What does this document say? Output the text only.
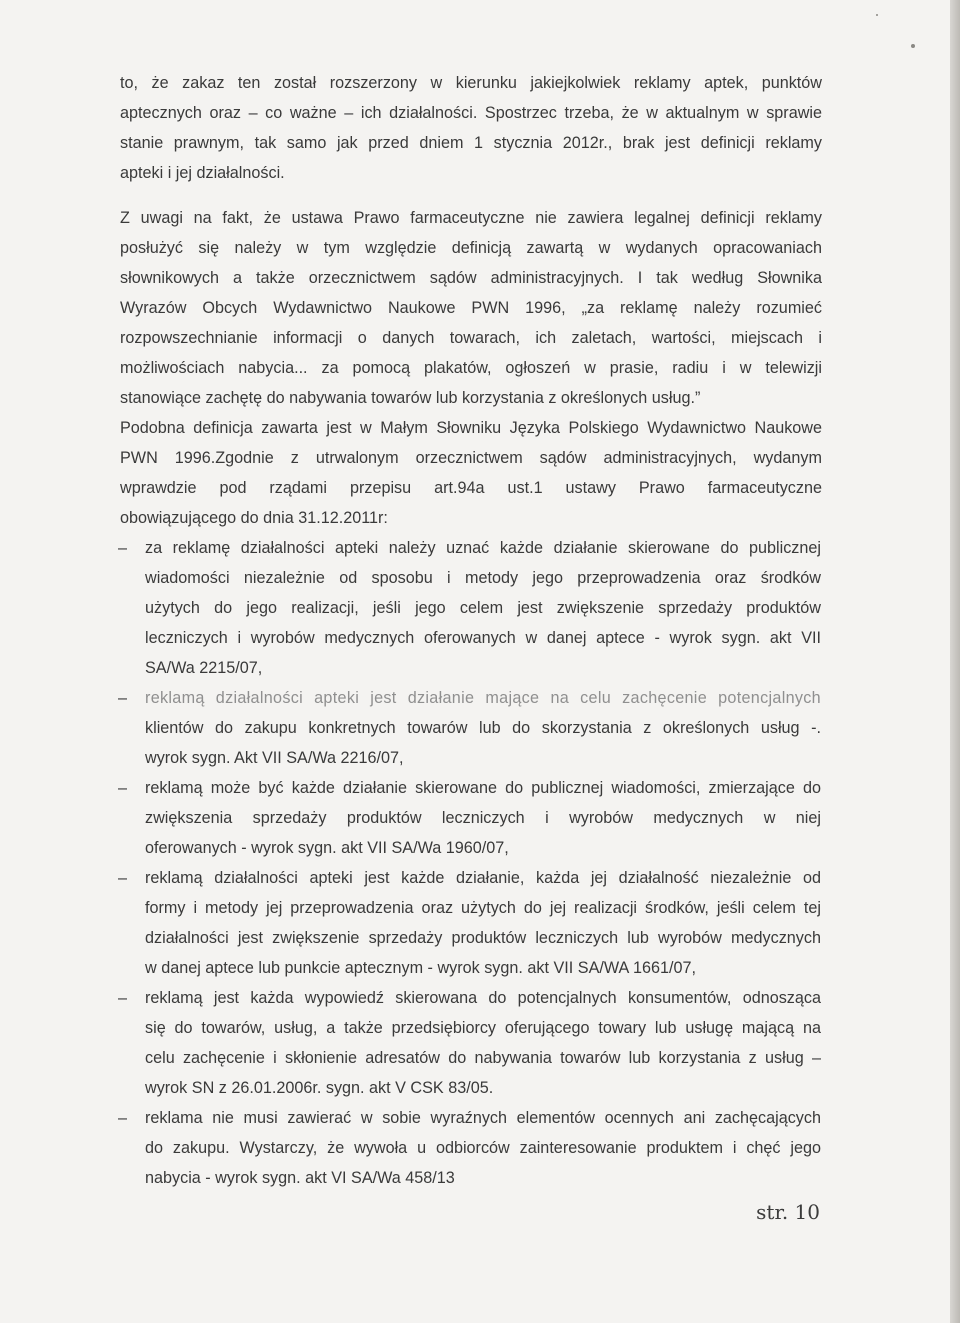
to, że zakaz ten został rozszerzony w kierunku jakiejkolwiek reklamy aptek, punktów
aptecznych oraz – co ważne – ich działalności. Spostrzec trzeba, że w aktualnym w sprawie
stanie prawnym, tak samo jak przed dniem 1 stycznia 2012r., brak jest definicji reklamy
apteki i jej działalności.
Z uwagi na fakt, że ustawa Prawo farmaceutyczne nie zawiera legalnej definicji reklamy
posłużyć się należy w tym względzie definicją zawartą w wydanych opracowaniach
słownikowych a także orzecznictwem sądów administracyjnych. I tak według Słownika
Wyrazów Obcych Wydawnictwo Naukowe PWN 1996, „za reklamę należy rozumieć
rozpowszechnianie informacji o danych towarach, ich zaletach, wartości, miejscach i
możliwościach nabycia... za pomocą plakatów, ogłoszeń w prasie, radiu i w telewizji
stanowiące zachętę do nabywania towarów lub korzystania z określonych usług.”
Podobna definicja zawarta jest w Małym Słowniku Języka Polskiego Wydawnictwo Naukowe
PWN 1996.Zgodnie z utrwalonym orzecznictwem sądów administracyjnych, wydanym
wprawdzie pod rządami przepisu art.94a ust.1 ustawy Prawo farmaceutyczne
obowiązującego do dnia 31.12.2011r:
– za reklamę działalności apteki należy uznać każde działanie skierowane do publicznej
wiadomości niezależnie od sposobu i metody jego przeprowadzenia oraz środków
użytych do jego realizacji, jeśli jego celem jest zwiększenie sprzedaży produktów
leczniczych i wyrobów medycznych oferowanych w danej aptece - wyrok sygn. akt VII
SA/Wa 2215/07,
– reklamą działalności apteki jest działanie mające na celu zachęcenie potencjalnych
klientów do zakupu konkretnych towarów lub do skorzystania z określonych usług -.
wyrok sygn. Akt VII SA/Wa 2216/07,
– reklamą może być każde działanie skierowane do publicznej wiadomości, zmierzające do
zwiększenia sprzedaży produktów leczniczych i wyrobów medycznych w niej
oferowanych - wyrok sygn. akt VII SA/Wa 1960/07,
– reklamą działalności apteki jest każde działanie, każda jej działalność niezależnie od
formy i metody jej przeprowadzenia oraz użytych do jej realizacji środków, jeśli celem tej
działalności jest zwiększenie sprzedaży produktów leczniczych lub wyrobów medycznych
w danej aptece lub punkcie aptecznym - wyrok sygn. akt VII SA/WA 1661/07,
– reklamą jest każda wypowiedź skierowana do potencjalnych konsumentów, odnosząca
się do towarów, usług, a także przedsiębiorcy oferującego towary lub usługę mającą na
celu zachęcenie i skłonienie adresatów do nabywania towarów lub korzystania z usług –
wyrok SN z 26.01.2006r. sygn. akt V CSK 83/05.
– reklama nie musi zawierać w sobie wyraźnych elementów ocennych ani zachęcających
do zakupu. Wystarczy, że wywoła u odbiorców zainteresowanie produktem i chęć jego
nabycia - wyrok sygn. akt VI SA/Wa 458/13
str. 10
